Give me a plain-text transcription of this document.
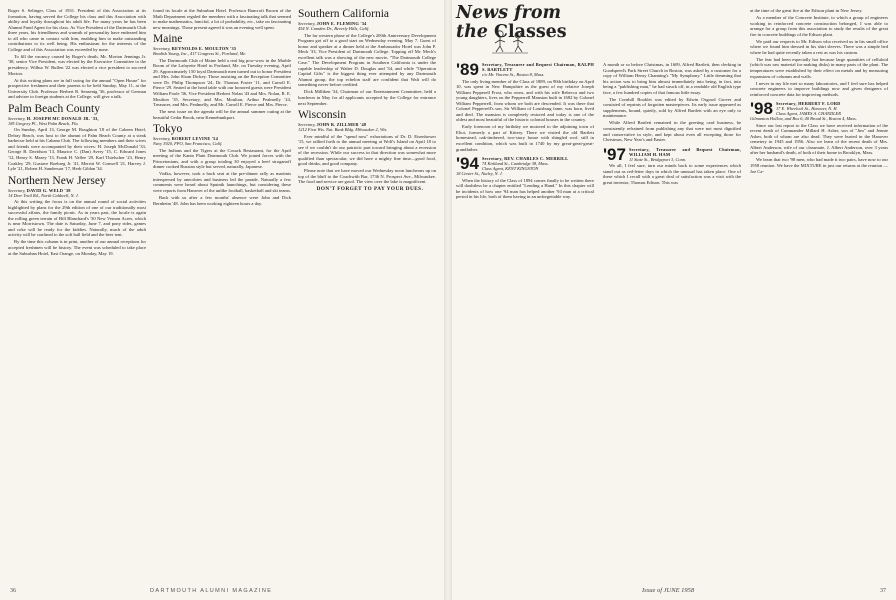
Roger S. Selinger, Class of 1931. President of this Association at its formation, having served the College his class and this Association with ability and loyalty throughout his adult life. For many years he has been Alumni Fund Agent for his class. As Vice President of the Dartmouth Club three years, his friendliness and warmth of personality have endeared him to all who came in contact with him, enabling him to make outstanding contributions to its well being. His enthusiasm for the interests of the College and of this Association was exceeded by none.

To fill the vacancy caused by Roger's death, Mr. Morton Jennings Jr. '38, senior Vice President, was elected by the Executive Committee to the presidency. Wilbur W. Bullen '22 was elected a vice president to succeed Morton.

At this writing plans are in full swing for the annual "Open House" for prospective freshmen and their parents to be held Sunday, May 11, at the University Club. Professor Herbert R. Sensenig '36, professor of German and adviser to foreign students at the College, will give a talk.

Palm Beach County

Secretary, H. JOSEPH MC DONALD JR. '33,
185 Gregory Pl., West Palm Beach, Fla.

On Sunday, April 13, George M. Boughton '18 of the Cabeen Hotel, Delray Beach, was host to the alumni of Palm Beach County at a steak barbecue held at his Cabana Club. The following members and their wives and friends were accompanied by their wives: H. Joseph McDonald '33, George B. Davidson '13, Maurice C. (Dan) Avery '15, C. Edward Jones '12, Henry S. Masey '13, Frank H. Vallee '29, Karl Thielscher '23, Henry Coakley '29, Gustave Boehreg Jr. '41, Merritt W. Conwell '21, Harvey J. Lyle '21, Robert H. Sanderson '17, Herb Gildan '34.

Northern New Jersey

Secretary, DAVID G. WELD '38
14 Deer Trail Rd., North Caldwell, N. J.

At this writing the focus is on the annual round of social activities highlighted by plans for the 29th edition of one of our traditionally most successful affairs, the family picnic. As in years past, the locale is again the rolling green terrain of Bill Blanchard's '30 New Vernon Acres, which is near Morristown. The date is Saturday, June 7, and pony rides, games and coke will be ready for the kiddies. Naturally, much of the adult activity will be confined to the soft ball field and the beer tent.

By the time this column is in print, another of our annual receptions for accepted freshmen will be history. The event was scheduled to take place at the Suburban Hotel, East Orange, on Monday, May 19.

found its locale at the Suburban Hotel. Professor Bancroft Brown of the Math Department regaled the members with a fascinating talk that seemed to make mathematics, fanciful, a lot of probability, etc., take on fascinating new meanings. Those present agreed it was an evening well spent.

Maine

Secretary, REYNOLDS E. MOULTON '35
Bradish Young, Inc., 417 Congress St., Portland, Me.

The Dartmouth Club of Maine held a real big pow-wow in the Marble Room of the Lafayette Hotel in Portland, Me. on Tuesday evening, April 29. Approximately 150 loyal Dartmouth men turned out to honor President and Mrs. John Sloan Dickey. Those assisting on the Reception Committee were Dr. Philip Thompson '24, Dr. Thomas Foster '11, and Carroll E. Pierce '29. Seated at the head table with our honored guests were President William Poole '36, Vice President Herbert Nolan '43 and Mrs. Nolan, R. E. Moulton '35, Secretary, and Mrs. Moulton, Arthur Pealmelly '24, Treasurer, and Mrs. Pealmelly, and Mr. Carroll E. Pierce and Mrs. Pierce.

The next issue on the agenda will be the annual summer outing at the beautiful Cedar Brook, near Kennebunkport.

Tokyo

Secretary, ROBERT LEVINE '54
Navy 3920, FPO, San Francisco, Calif.

The Indians and the Tigers at the Cosack Restaurant, for the April meeting of the Kanto Plain Dartmouth Club. We joined forces with the Princetonians, and with a group totaling 30 enjoyed a beef stroganoff dinner cooked Russian style but served, naturally, Japanese.

Vodka, however, took a back seat at the pre-dinner rally as martinis interspersed by anecdotes and business led the parade. Naturally a few comments were heard about Sputnik launchings, but considering these were reports from Hanover of the unlike football, basketball and ski teams.

Back with us after a few months' absence were John and Dick Bernheim '48. John has been working eighteen hours a day.

Southern California

Secretary, JOHN E. FLEMING '34
454 N. Camden Dr., Beverly Hills, Calif.

The far western phase of the College's 200th Anniversary Development Program got off to a good start on Wednesday evening, May 7. Guest of honor and speaker at a dinner held at the Ambassador Hotel was John P. Meck '33, Vice President of Dartmouth College. Topping off Mr. Meck's excellent talk was a showing of the new movie, "The Dartmouth College Case." The Development Program in Southern California is under the capable leadership of Walter D. Douglas and '34, and while "Operation Capital Gifts" is the biggest thing ever attempted by any Dartmouth Alumni group, the top echelon staff are confident that Walt will do something never before credited.

Dick Milliken '34, Chairman of our Entertainment Committee, held a luncheon in May for all applicants accepted by the College for entrance next September.

Wisconsin

Secretary, JOHN B. ZILLMER '48
1212 First Wis. Nat. Bank Bldg. Milwaukee 2, Wis.

Ever mindful of the "spend now" exhortations of Dr. D. Eisenhower '15, we rallied forth to the annual meeting at Wolf's Island on April 18 to see if we couldn't do our patriotic part toward bringing about a recession of the recession. While our success in that direction was somewhat more qualified than spectacular, we did have a mighty fine time—good food, good drinks, and good company.

Please note that we have moved our Wednesday noon luncheons up on top of the bluff to the Coachwith Bar, 1736 N. Prospect Ave., Milwaukee. The food and service are good. The view over the lake is magnificent.

DON'T FORGET TO PAY YOUR DUES.

36	DARTMOUTH ALUMNI MAGAZINE
News from the Classes
'89 Secretary, Treasurer and Bequest Chairman, RALPH S. BARTLETT
c/o Mr. Vincent St., Boston 8, Mass.

The only living member of the Class of 1889, on 90th birthday on April 10, was spent in New Hampshire as the guest of my relative Joseph William Pepperell Frost, who owns, and with his wife Rebecca and two young daughters, lives on the Pepperrell Mansion built in 1682 by Colonel William Pepperrell, from whom we both are descended. It was there that Colonel Pepperrell's son, Sir William of Louisburg fame, was born, lived and died. The mansion is completely restored and today is one of the oldest and most beautiful of the historic colonial houses in the country.

Early forenoon of my birthday we motored to the adjoining town of Eliot, formerly a part of Kittery. There we visited the old Bartlett homestead, oak-timbered, two-story house with shingled roof, still in excellent condition, which was built in 1740 by my great-great-great-grandfather.

'94 Secretary, REV. CHARLES C. MERRILL
74 Kirkland St., Cambridge 38, Mass.
Class Agent, KENT KINGSTON
18 Center St., Nutley, N. J.

When the history of the Class of 1894 comes finally to be written there will doubtless be a chapter entitled "Lending a Hand." In this chapter will be incidents of how one '94 man has helped another '94 man at a critical period in his life, both of them having in an unforgettable way.

A month or so before Christmas, in 1609, Alfred Bartlett, then clerking in Goodspeed's Park Street Church in Boston, was asked by a customer for a copy of William Henry Channing's "My Symphony." Little dreaming that his action was to bring him almost immediately into being, in fact, into being a "publishing man," he had struck off, in a readable old English type face, a few hundred copies of that famous little essay.

The Cornhill Booklet was edited by Edwin Osgood Grover and consisted of reprints of forgotten masterpieces. Its early issue appeared as supplements, bound, quietly, sold by Alfred Bartlett with an eye only to maintenance.

While Alfred Bartlett remained in the greeting card business, he consistently refrained from publishing any that were not most dignified and conservative in style, and kept about even all excepting those for Christmas, New Year's and Easter.

'97 Secretary, Treasurer and Bequest Chairman, WILLIAM H. HAM
11 State St., Bridgeport 3, Conn.

We all, I feel sure, turn our minds back to some experiences which stand out as red-letter days in which the unusual has taken place. One of these which I recall with a great deal of satisfaction was a visit with the great inventor, Thomas Edison. This was

at the time of the great fire at the Edison plant in New Jersey.

As a member of the Concrete Institute, to which a group of engineers working in reinforced concrete construction belonged, I was able to arrange for a group from this association to study the results of the great fire in concrete buildings of the Edison plant.

We paid our respects to Mr. Edison who received us in his small office where we found him dressed in his shirt sleeves. There was a simple bed where he had quite recently taken a rest as was his custom.

The fear had been especially hot because large quantities of celluloid (which was raw material for making disks) in many parts of the plant. The temperatures were established by their effect on metals and by measuring expansions of columns and walls.

I never in my life met so many laboratories, and I feel sure has helped concrete engineers to improve buildings now and given designers of reinforced concrete data for improving methods.

'98 Secretary, HERBERT F. LORD
17 E. Wheelock St., Hanover, N. H.
Class Agent, JAMES A. CHANDLER
Gilmanton Hollow, and Box 6, 40 Broad St., Boston 4, Mass.

Since our last report to the Class we have received information of the recent death of Commander Millard H. Asher, son of "Jim" and Jennie Asher, both of whom are also dead. They were buried in the Hanover cemetery in 1945 and 1956. Also we learn of the recent death of Mrs. Albert Anderson, wife of our classmate, J. Albert Anderson, over 3 years after her husband's death, of both of their home in Brooklyn, Mass.

We learn that two '98 men, who had made it two pairs, have now to our 1958 reunion. We have the MIXTURE in just our returns at the reunion — Joe Ca-

Issue of JUNE 1958	37
